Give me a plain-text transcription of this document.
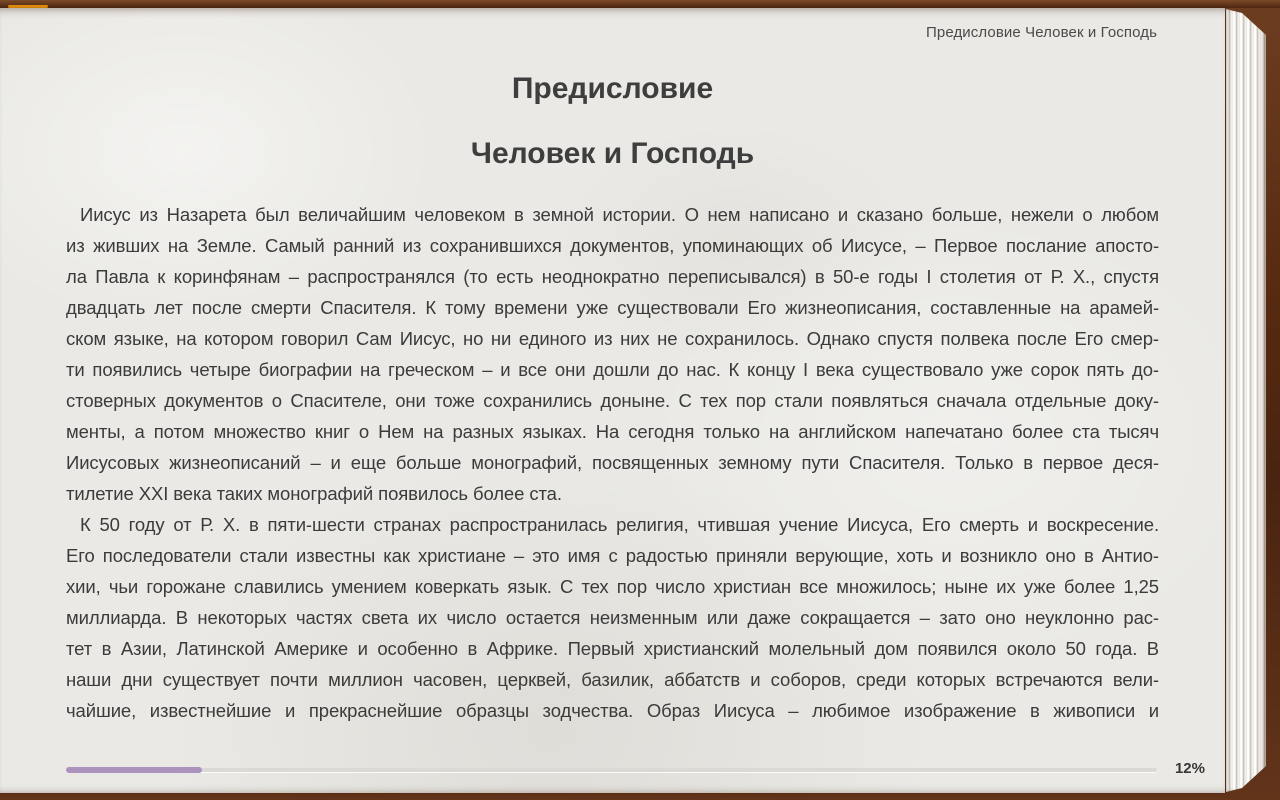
Предисловие Человек и Господь
Предисловие
Человек и Господь
Иисус из Назарета был величайшим человеком в земной истории. О нем написано и сказано больше, нежели о любом
из живших на Земле. Самый ранний из сохранившихся документов, упоминающих об Иисусе, – Первое послание апосто-
ла Павла к коринфянам – распространялся (то есть неоднократно переписывался) в 50-е годы I столетия от Р. Х., спустя
двадцать лет после смерти Спасителя. К тому времени уже существовали Его жизнеописания, составленные на арамей-
ском языке, на котором говорил Сам Иисус, но ни единого из них не сохранилось. Однако спустя полвека после Его смер-
ти появились четыре биографии на греческом – и все они дошли до нас. К концу I века существовало уже сорок пять до-
стоверных документов о Спасителе, они тоже сохранились доныне. С тех пор стали появляться сначала отдельные доку-
менты, а потом множество книг о Нем на разных языках. На сегодня только на английском напечатано более ста тысяч
Иисусовых жизнеописаний – и еще больше монографий, посвященных земному пути Спасителя. Только в первое деся-
тилетие XXI века таких монографий появилось более ста.
К 50 году от Р. Х. в пяти-шести странах распространилась религия, чтившая учение Иисуса, Его смерть и воскресение.
Его последователи стали известны как христиане – это имя с радостью приняли верующие, хоть и возникло оно в Антио-
хии, чьи горожане славились умением коверкать язык. С тех пор число христиан все множилось; ныне их уже более 1,25
миллиарда. В некоторых частях света их число остается неизменным или даже сокращается – зато оно неуклонно рас-
тет в Азии, Латинской Америке и особенно в Африке. Первый христианский молельный дом появился около 50 года. В
наши дни существует почти миллион часовен, церквей, базилик, аббатств и соборов, среди которых встречаются вели-
чайшие, известнейшие и прекраснейшие образцы зодчества. Образ Иисуса – любимое изображение в живописи и
12%
